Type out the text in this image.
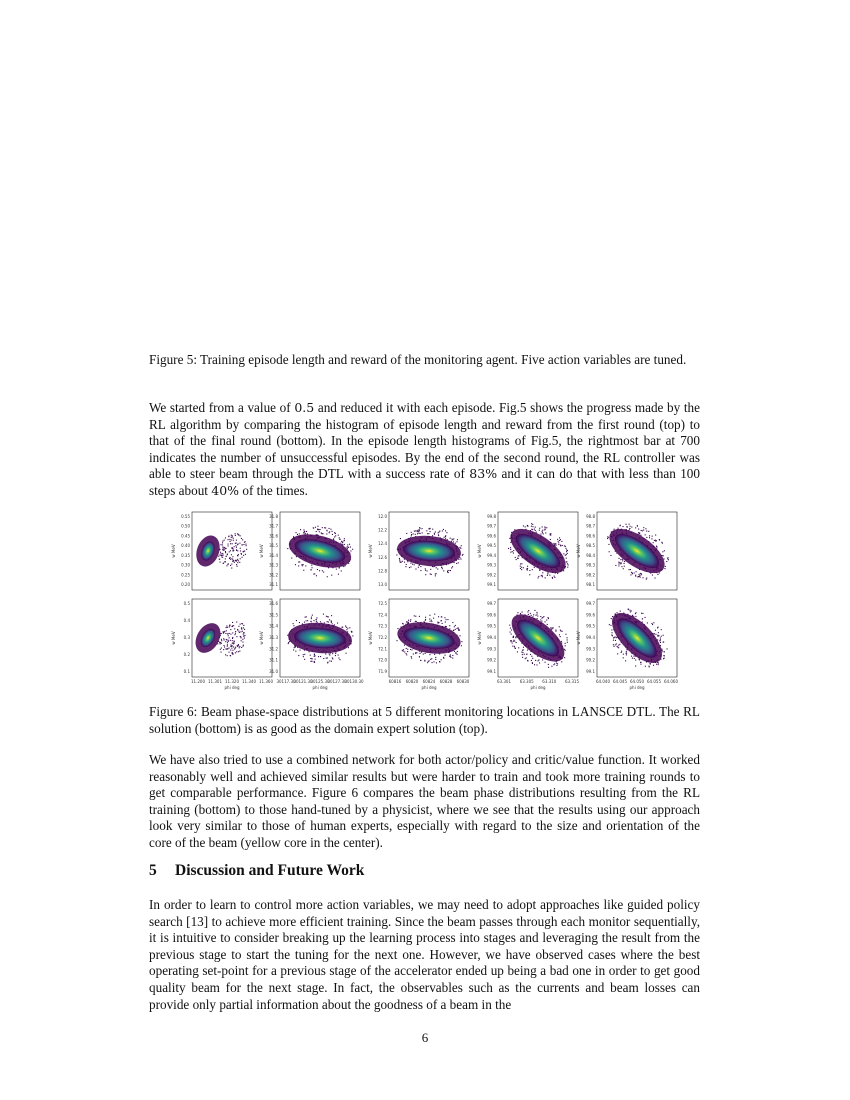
Figure 5: Training episode length and reward of the monitoring agent. Five action variables are tuned.
We started from a value of 0.5 and reduced it with each episode. Fig.5 shows the progress made by the RL algorithm by comparing the histogram of episode length and reward from the first round (top) to that of the final round (bottom). In the episode length histograms of Fig.5, the rightmost bar at 700 indicates the number of unsuccessful episodes. By the end of the second round, the RL controller was able to steer beam through the DTL with a success rate of 83% and it can do that with less than 100 steps about 40% of the times.
0.55
0.50
0.45
0.40
0.35
0.30
0.25
0.20
w MeV
31.8
31.7
31.6
31.5
31.4
31.3
31.2
31.1
w MeV
12.0
12.2
12.4
12.6
12.8
13.0
w MeV
99.8
99.7
99.6
99.5
99.4
99.3
99.2
99.1
w MeV
98.8
98.7
98.6
98.5
98.4
98.3
98.2
98.1
w MeV
0.5
0.4
0.3
0.2
0.1
w MeV
11.200 11.301 11.320 11.340 11.360
phi deg
31.6
31.5
31.4
31.3
31.2
31.1
31.0
w MeV
30117.30
30121.30
30125.30
30127.30
30130.30
phi deg
72.5
72.4
72.3
72.2
72.1
72.0
71.9
w MeV
60816 60820 60824 60828 60830
phi deg
99.7
99.6
99.5
99.4
99.3
99.2
99.1
w MeV
63.301 63.305 63.310 63.315
phi deg
99.7
99.6
99.5
99.4
99.3
99.2
99.1
w MeV
64.040 64.045 64.050 64.055 64.060
phi deg
Figure 6: Beam phase-space distributions at 5 different monitoring locations in LANSCE DTL. The RL solution (bottom) is as good as the domain expert solution (top).
We have also tried to use a combined network for both actor/policy and critic/value function. It worked reasonably well and achieved similar results but were harder to train and took more training rounds to get comparable performance. Figure 6 compares the beam phase distributions resulting from the RL training (bottom) to those hand-tuned by a physicist, where we see that the results using our approach look very similar to those of human experts, especially with regard to the size and orientation of the core of the beam (yellow core in the center).
5 Discussion and Future Work
In order to learn to control more action variables, we may need to adopt approaches like guided policy search [13] to achieve more efficient training. Since the beam passes through each monitor sequentially, it is intuitive to consider breaking up the learning process into stages and leveraging the result from the previous stage to start the tuning for the next one. However, we have observed cases where the best operating set-point for a previous stage of the accelerator ended up being a bad one in order to get good quality beam for the next stage. In fact, the observables such as the currents and beam losses can provide only partial information about the goodness of a beam in the
6
